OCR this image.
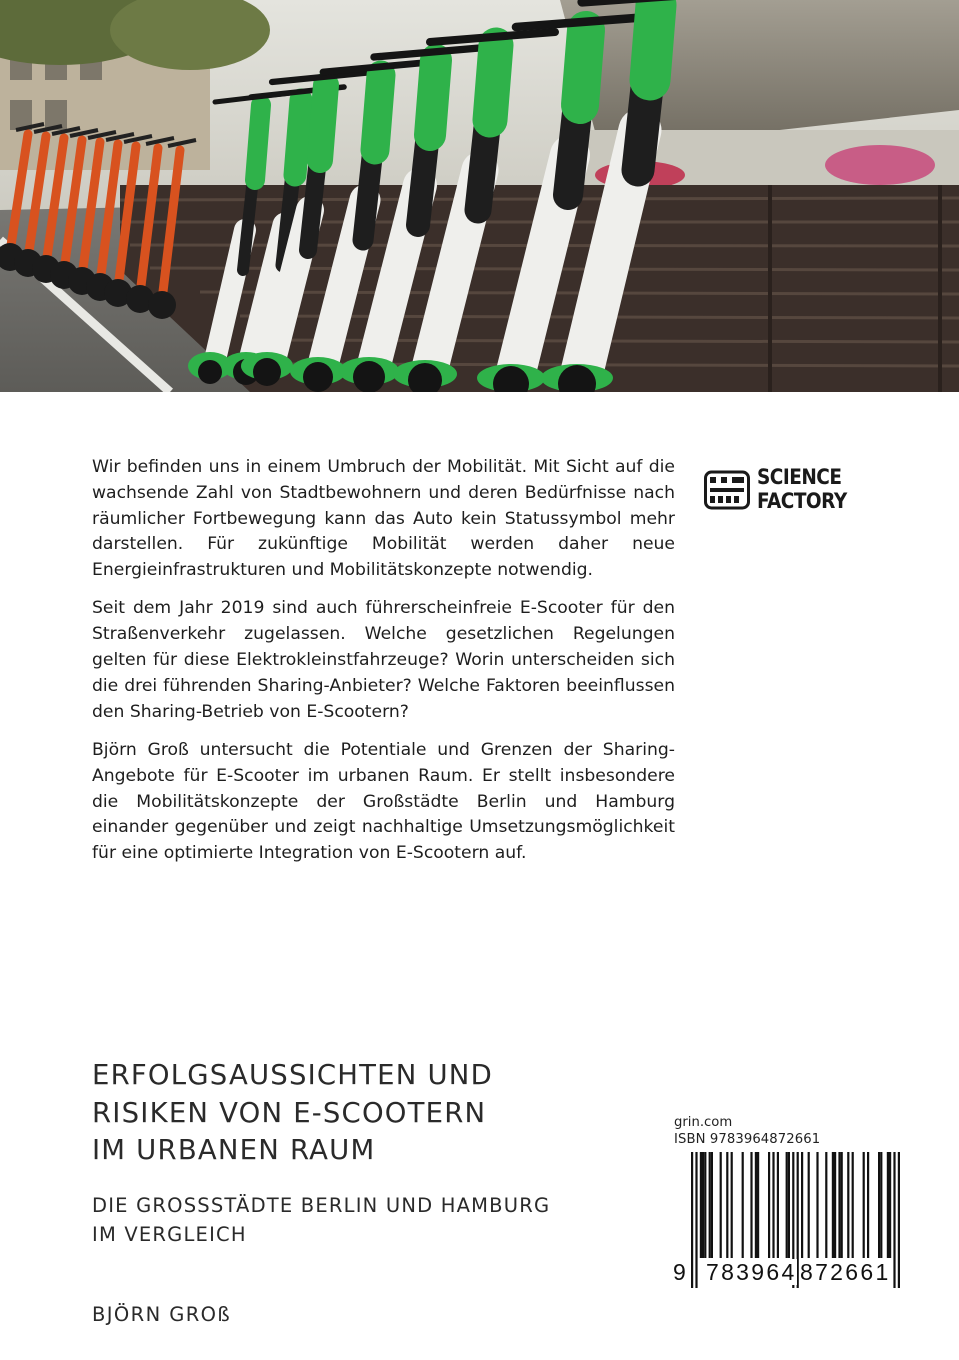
Wir befinden uns in einem Umbruch der Mobilität. Mit Sicht auf die wachsende Zahl von Stadtbewohnern und deren Bedürfnisse nach räumlicher Fortbewegung kann das Auto kein Statussymbol mehr darstellen. Für zukünftige Mobilität werden daher neue Energieinfrastrukturen und Mobilitätskonzepte notwendig.

Seit dem Jahr 2019 sind auch führerscheinfreie E-Scooter für den Straßenverkehr zugelassen. Welche gesetzlichen Regelungen gelten für diese Elektrokleinstfahrzeuge? Worin unterscheiden sich die drei führenden Sharing-Anbieter? Welche Faktoren beeinflussen den Sharing-Betrieb von E-Scootern?

Björn Groß untersucht die Potentiale und Grenzen der Sharing-Angebote für E-Scooter im urbanen Raum. Er stellt insbesondere die Mobilitätskonzepte der Großstädte Berlin und Hamburg einander gegenüber und zeigt nachhaltige Umsetzungsmöglichkeit für eine optimierte Integration von E-Scootern auf.

SCIENCE
FACTORY
ERFOLGSAUSSICHTEN UND
RISIKEN VON E-SCOOTERN
IM URBANEN RAUM
DIE GROSSSTÄDTE BERLIN UND HAMBURG
IM VERGLEICH
BJÖRN GROß
grin.com
ISBN 9783964872661
9 783964 872661
